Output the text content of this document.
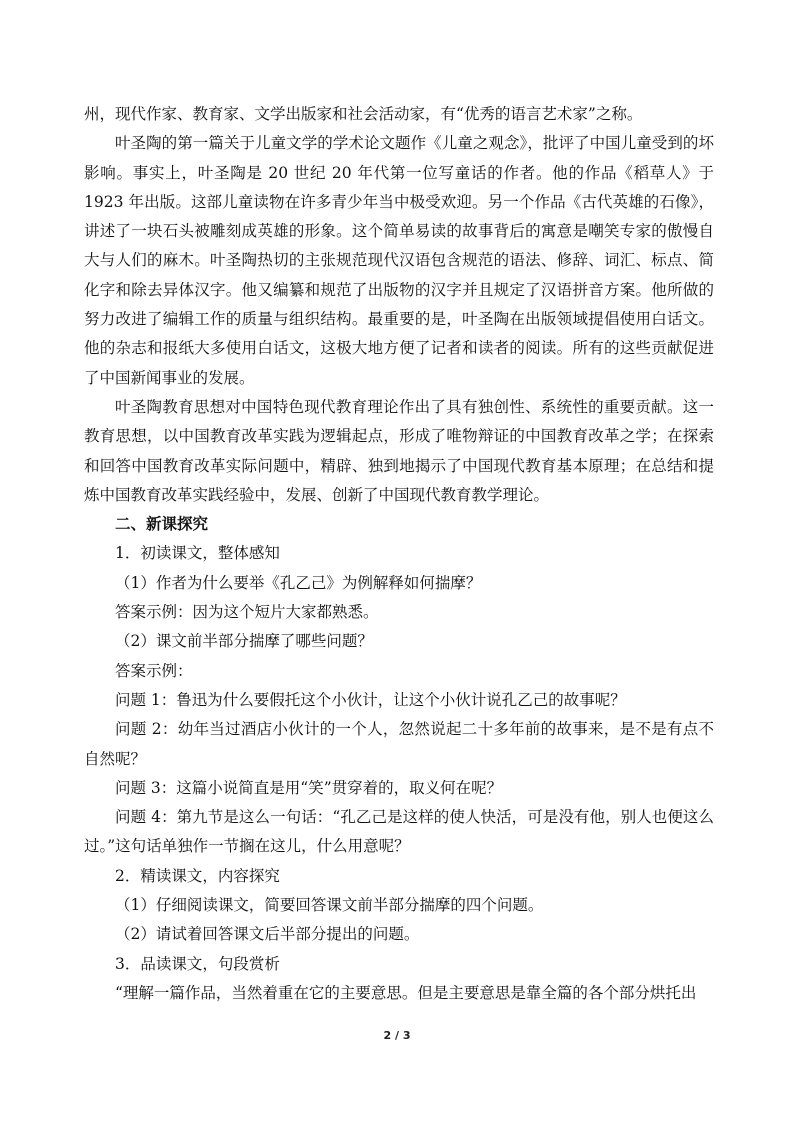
州，现代作家、教育家、文学出版家和社会活动家，有“优秀的语言艺术家”之称。

叶圣陶的第一篇关于儿童文学的学术论文题作《儿童之观念》，批评了中国儿童受到的坏影响。事实上，叶圣陶是 20 世纪 20 年代第一位写童话的作者。他的作品《稻草人》于 1923 年出版。这部儿童读物在许多青少年当中极受欢迎。另一个作品《古代英雄的石像》，讲述了一块石头被雕刻成英雄的形象。这个简单易读的故事背后的寓意是嘲笑专家的傲慢自大与人们的麻木。叶圣陶热切的主张规范现代汉语包含规范的语法、修辞、词汇、标点、简化字和除去异体汉字。他又编纂和规范了出版物的汉字并且规定了汉语拼音方案。他所做的努力改进了编辑工作的质量与组织结构。最重要的是，叶圣陶在出版领域提倡使用白话文。他的杂志和报纸大多使用白话文，这极大地方便了记者和读者的阅读。所有的这些贡献促进了中国新闻事业的发展。

叶圣陶教育思想对中国特色现代教育理论作出了具有独创性、系统性的重要贡献。这一教育思想，以中国教育改革实践为逻辑起点，形成了唯物辩证的中国教育改革之学；在探索和回答中国教育改革实际问题中，精辟、独到地揭示了中国现代教育基本原理；在总结和提炼中国教育改革实践经验中，发展、创新了中国现代教育教学理论。

二、新课探究

1．初读课文，整体感知

（1）作者为什么要举《孔乙己》为例解释如何揣摩？

答案示例：因为这个短片大家都熟悉。

（2）课文前半部分揣摩了哪些问题？

答案示例：

问题 1：鲁迅为什么要假托这个小伙计，让这个小伙计说孔乙己的故事呢？

问题 2：幼年当过酒店小伙计的一个人，忽然说起二十多年前的故事来，是不是有点不自然呢？

问题 3：这篇小说简直是用“笑”贯穿着的，取义何在呢？

问题 4：第九节是这么一句话：“孔乙己是这样的使人快活，可是没有他，别人也便这么过。”这句话单独作一节搁在这儿，什么用意呢？

2．精读课文，内容探究

（1）仔细阅读课文，简要回答课文前半部分揣摩的四个问题。

（2）请试着回答课文后半部分提出的问题。

3．品读课文，句段赏析

“理解一篇作品，当然着重在它的主要意思。但是主要意思是靠全篇的各个部分烘托出

2 / 3
